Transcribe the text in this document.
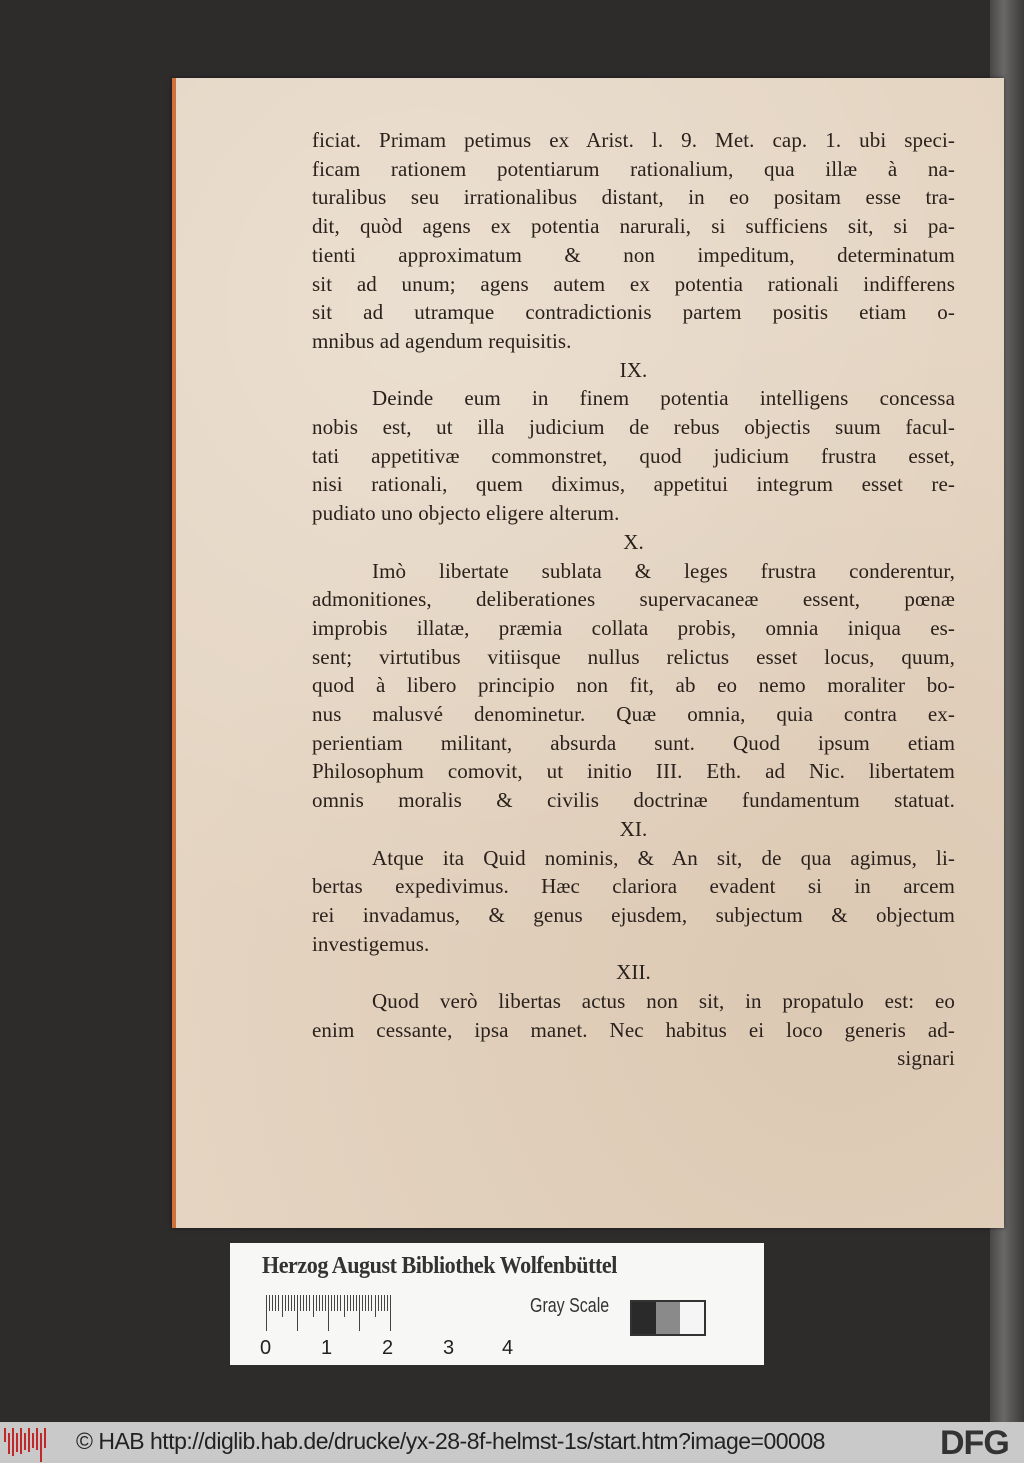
ficiat. Primam petimus ex Arist. l. 9. Met. cap. 1. ubi speci-
ficam rationem potentiarum rationalium, qua illæ à na-
turalibus seu irrationalibus distant, in eo positam esse tra-
dit, quòd agens ex potentia narurali, si sufficiens sit, si pa-
tienti approximatum & non impeditum, determinatum
sit ad unum; agens autem ex potentia rationali indifferens
sit ad utramque contradictionis partem positis etiam o-
mnibus ad agendum requisitis.
IX.
Deinde eum in finem potentia intelligens concessa
nobis est, ut illa judicium de rebus objectis suum facul-
tati appetitivæ commonstret, quod judicium frustra esset,
nisi rationali, quem diximus, appetitui integrum esset re-
pudiato uno objecto eligere alterum.
X.
Imò libertate sublata & leges frustra conderentur,
admonitiones, deliberationes supervacaneæ essent, pœnæ
improbis illatæ, præmia collata probis, omnia iniqua es-
sent; virtutibus vitiisque nullus relictus esset locus, quum,
quod à libero principio non fit, ab eo nemo moraliter bo-
nus malusvé denominetur. Quæ omnia, quia contra ex-
perientiam militant, absurda sunt. Quod ipsum etiam
Philosophum comovit, ut initio III. Eth. ad Nic. libertatem
omnis moralis & civilis doctrinæ fundamentum statuat.
XI.
Atque ita Quid nominis, & An sit, de qua agimus, li-
bertas expedivimus. Hæc clariora evadent si in arcem
rei invadamus, & genus ejusdem, subjectum & objectum
investigemus.
XII.
Quod verò libertas actus non sit, in propatulo est: eo
enim cessante, ipsa manet. Nec habitus ei loco generis ad-
signari
Herzog August Bibliothek Wolfenbüttel
0 1 2 3 4
Gray Scale
© HAB http://diglib.hab.de/drucke/yx-28-8f-helmst-1s/start.htm?image=00008	DFG
